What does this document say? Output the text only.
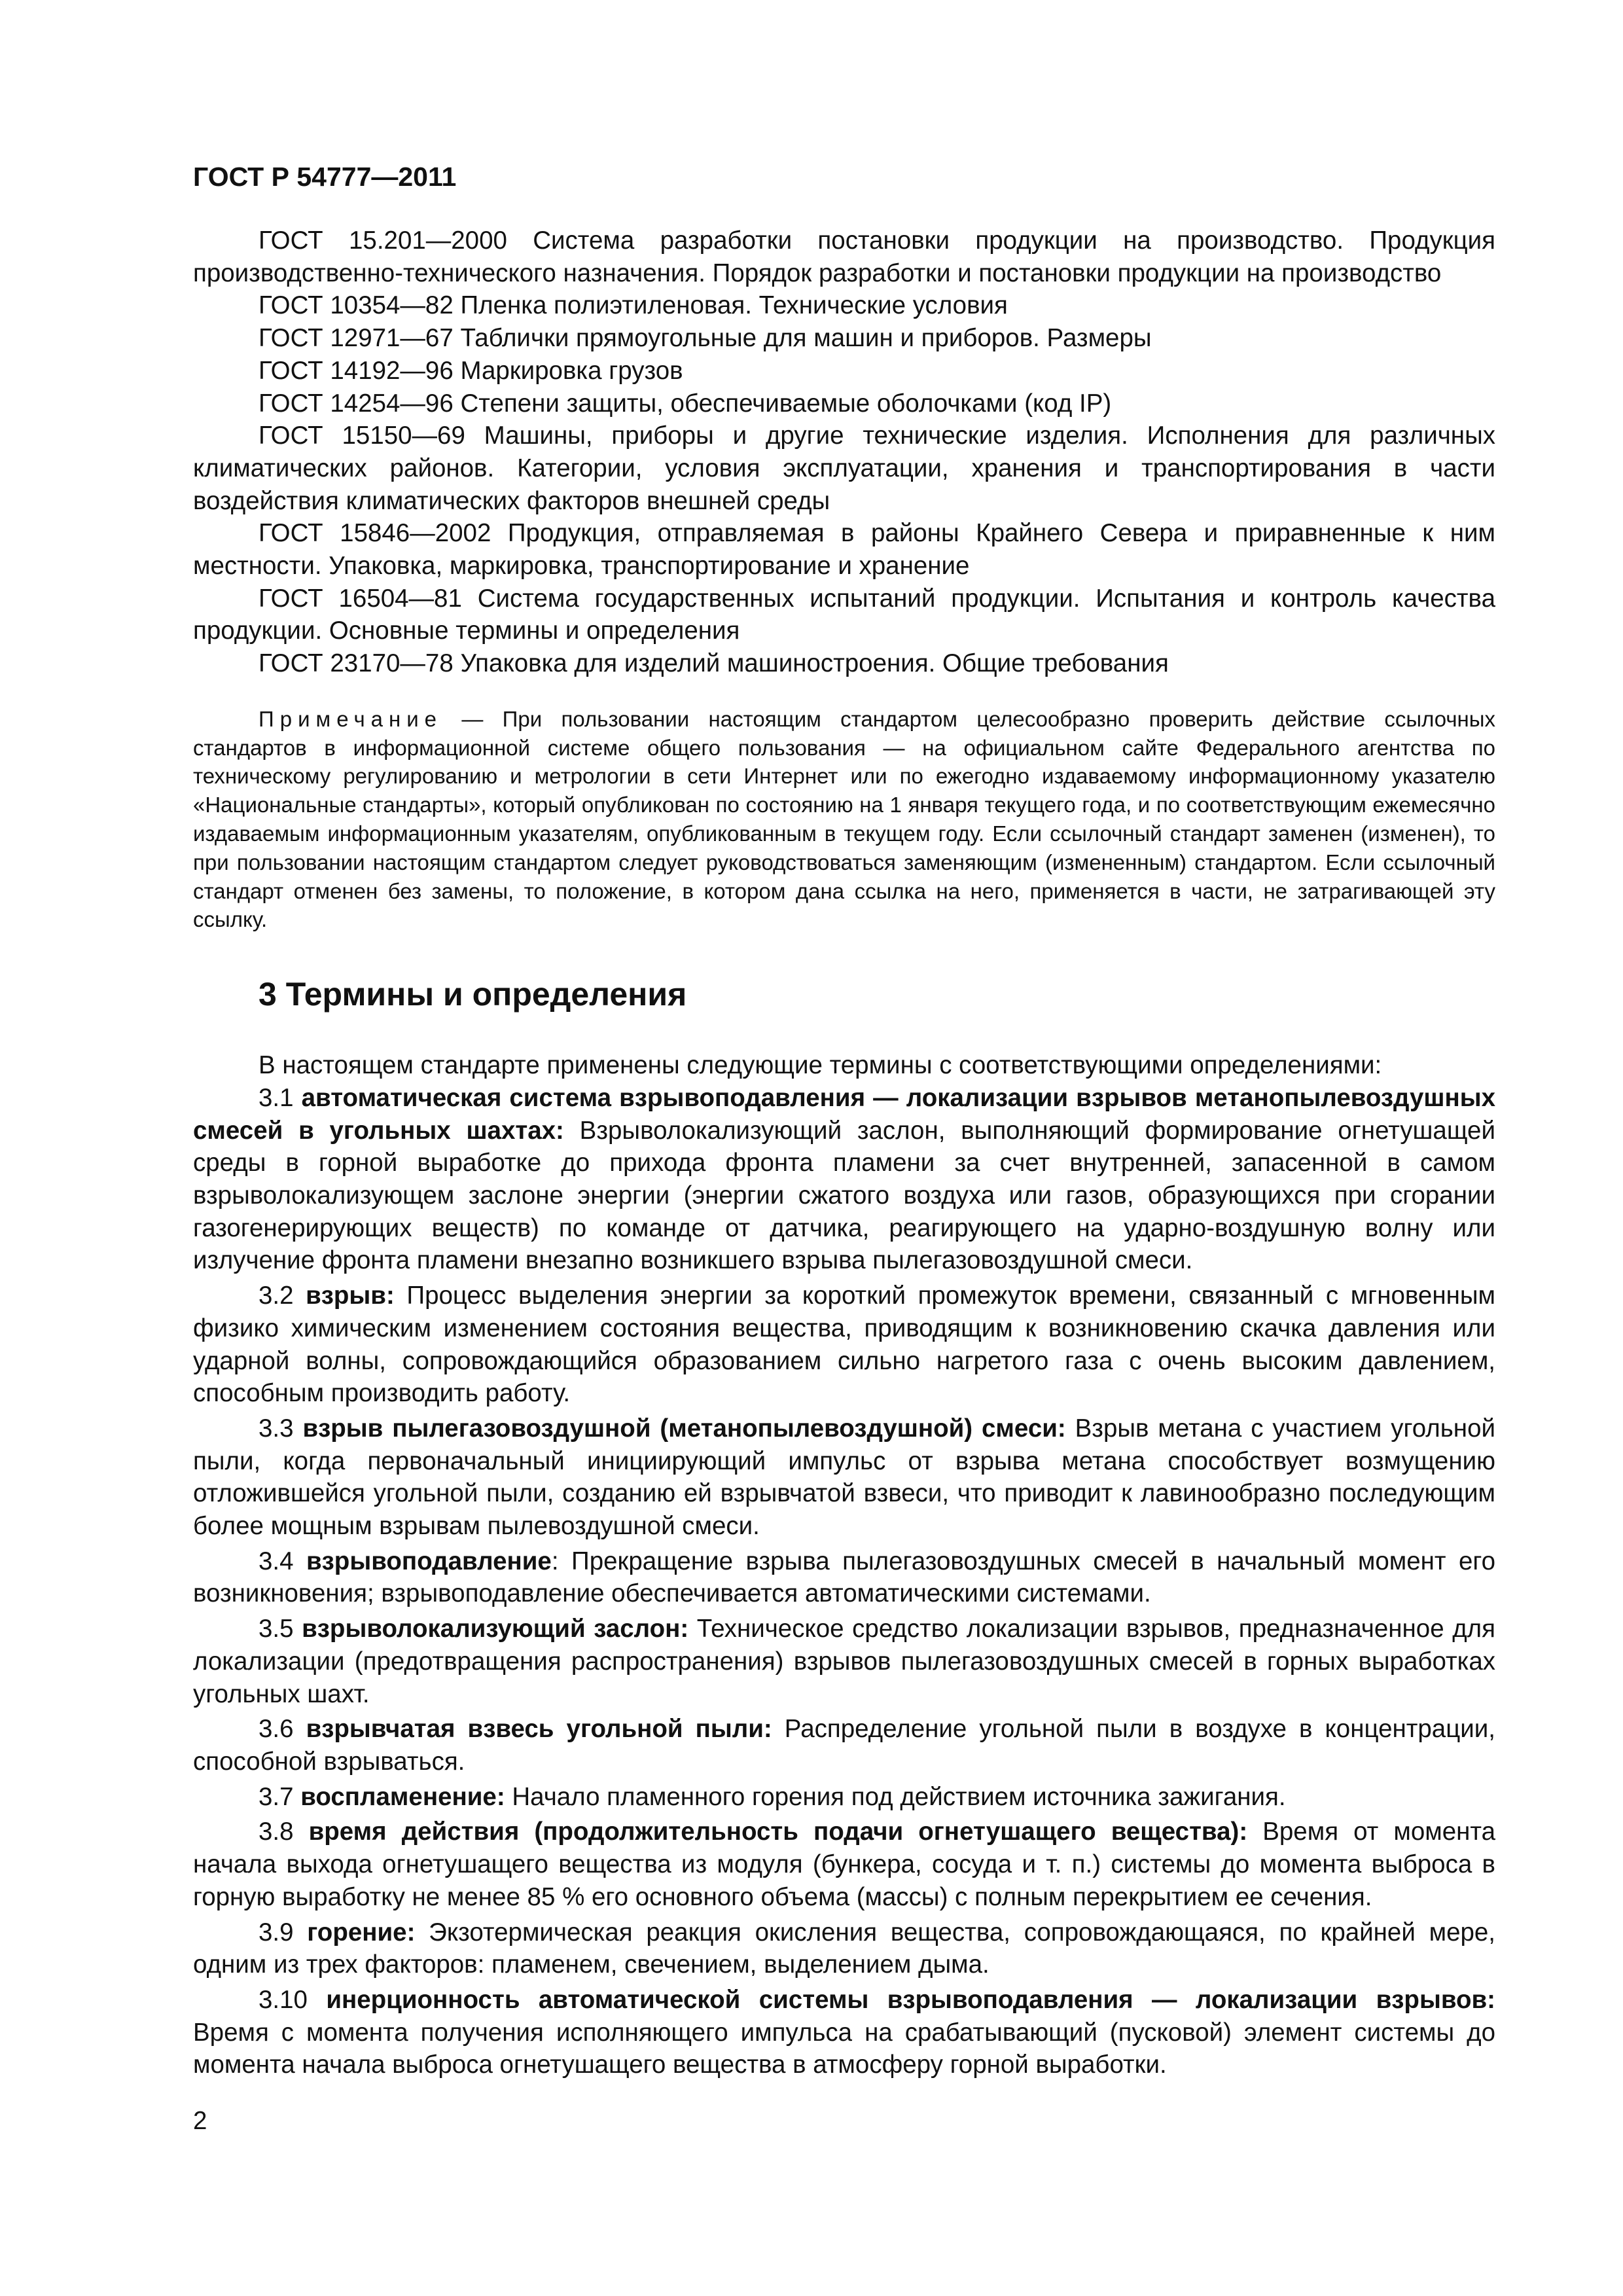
ГОСТ Р 54777—2011

ГОСТ 15.201—2000 Система разработки постановки продукции на производство. Продукция производственно-технического назначения. Порядок разработки и постановки продукции на производство

ГОСТ 10354—82 Пленка полиэтиленовая. Технические условия

ГОСТ 12971—67 Таблички прямоугольные для машин и приборов. Размеры

ГОСТ 14192—96 Маркировка грузов

ГОСТ 14254—96 Степени защиты, обеспечиваемые оболочками (код IP)

ГОСТ 15150—69 Машины, приборы и другие технические изделия. Исполнения для различных климатических районов. Категории, условия эксплуатации, хранения и транспортирования в части воздействия климатических факторов внешней среды

ГОСТ 15846—2002 Продукция, отправляемая в районы Крайнего Севера и приравненные к ним местности. Упаковка, маркировка, транспортирование и хранение

ГОСТ 16504—81 Система государственных испытаний продукции. Испытания и контроль качества продукции. Основные термины и определения

ГОСТ 23170—78 Упаковка для изделий машиностроения. Общие требования

Примечание — При пользовании настоящим стандартом целесообразно проверить действие ссылочных стандартов в информационной системе общего пользования — на официальном сайте Федерального агентства по техническому регулированию и метрологии в сети Интернет или по ежегодно издаваемому информационному указателю «Национальные стандарты», который опубликован по состоянию на 1 января текущего года, и по соответствующим ежемесячно издаваемым информационным указателям, опубликованным в текущем году. Если ссылочный стандарт заменен (изменен), то при пользовании настоящим стандартом следует руководствоваться заменяющим (измененным) стандартом. Если ссылочный стандарт отменен без замены, то положение, в котором дана ссылка на него, применяется в части, не затрагивающей эту ссылку.

3 Термины и определения

В настоящем стандарте применены следующие термины с соответствующими определениями:

3.1 автоматическая система взрывоподавления — локализации взрывов метанопылевоздушных смесей в угольных шахтах: Взрыволокализующий заслон, выполняющий формирование огнетушащей среды в горной выработке до прихода фронта пламени за счет внутренней, запасенной в самом взрыволокализующем заслоне энергии (энергии сжатого воздуха или газов, образующихся при сгорании газогенерирующих веществ) по команде от датчика, реагирующего на ударно-воздушную волну или излучение фронта пламени внезапно возникшего взрыва пылегазовоздушной смеси.

3.2 взрыв: Процесс выделения энергии за короткий промежуток времени, связанный с мгновенным физико химическим изменением состояния вещества, приводящим к возникновению скачка давления или ударной волны, сопровождающийся образованием сильно нагретого газа с очень высоким давлением, способным производить работу.

3.3 взрыв пылегазовоздушной (метанопылевоздушной) смеси: Взрыв метана с участием угольной пыли, когда первоначальный инициирующий импульс от взрыва метана способствует возмущению отложившейся угольной пыли, созданию ей взрывчатой взвеси, что приводит к лавинообразно последующим более мощным взрывам пылевоздушной смеси.

3.4 взрывоподавление: Прекращение взрыва пылегазовоздушных смесей в начальный момент его возникновения; взрывоподавление обеспечивается автоматическими системами.

3.5 взрыволокализующий заслон: Техническое средство локализации взрывов, предназначенное для локализации (предотвращения распространения) взрывов пылегазовоздушных смесей в горных выработках угольных шахт.

3.6 взрывчатая взвесь угольной пыли: Распределение угольной пыли в воздухе в концентрации, способной взрываться.

3.7 воспламенение: Начало пламенного горения под действием источника зажигания.

3.8 время действия (продолжительность подачи огнетушащего вещества): Время от момента начала выхода огнетушащего вещества из модуля (бункера, сосуда и т. п.) системы до момента выброса в горную выработку не менее 85 % его основного объема (массы) с полным перекрытием ее сечения.

3.9 горение: Экзотермическая реакция окисления вещества, сопровождающаяся, по крайней мере, одним из трех факторов: пламенем, свечением, выделением дыма.

3.10 инерционность автоматической системы взрывоподавления — локализации взрывов: Время с момента получения исполняющего импульса на срабатывающий (пусковой) элемент системы до момента начала выброса огнетушащего вещества в атмосферу горной выработки.

2
